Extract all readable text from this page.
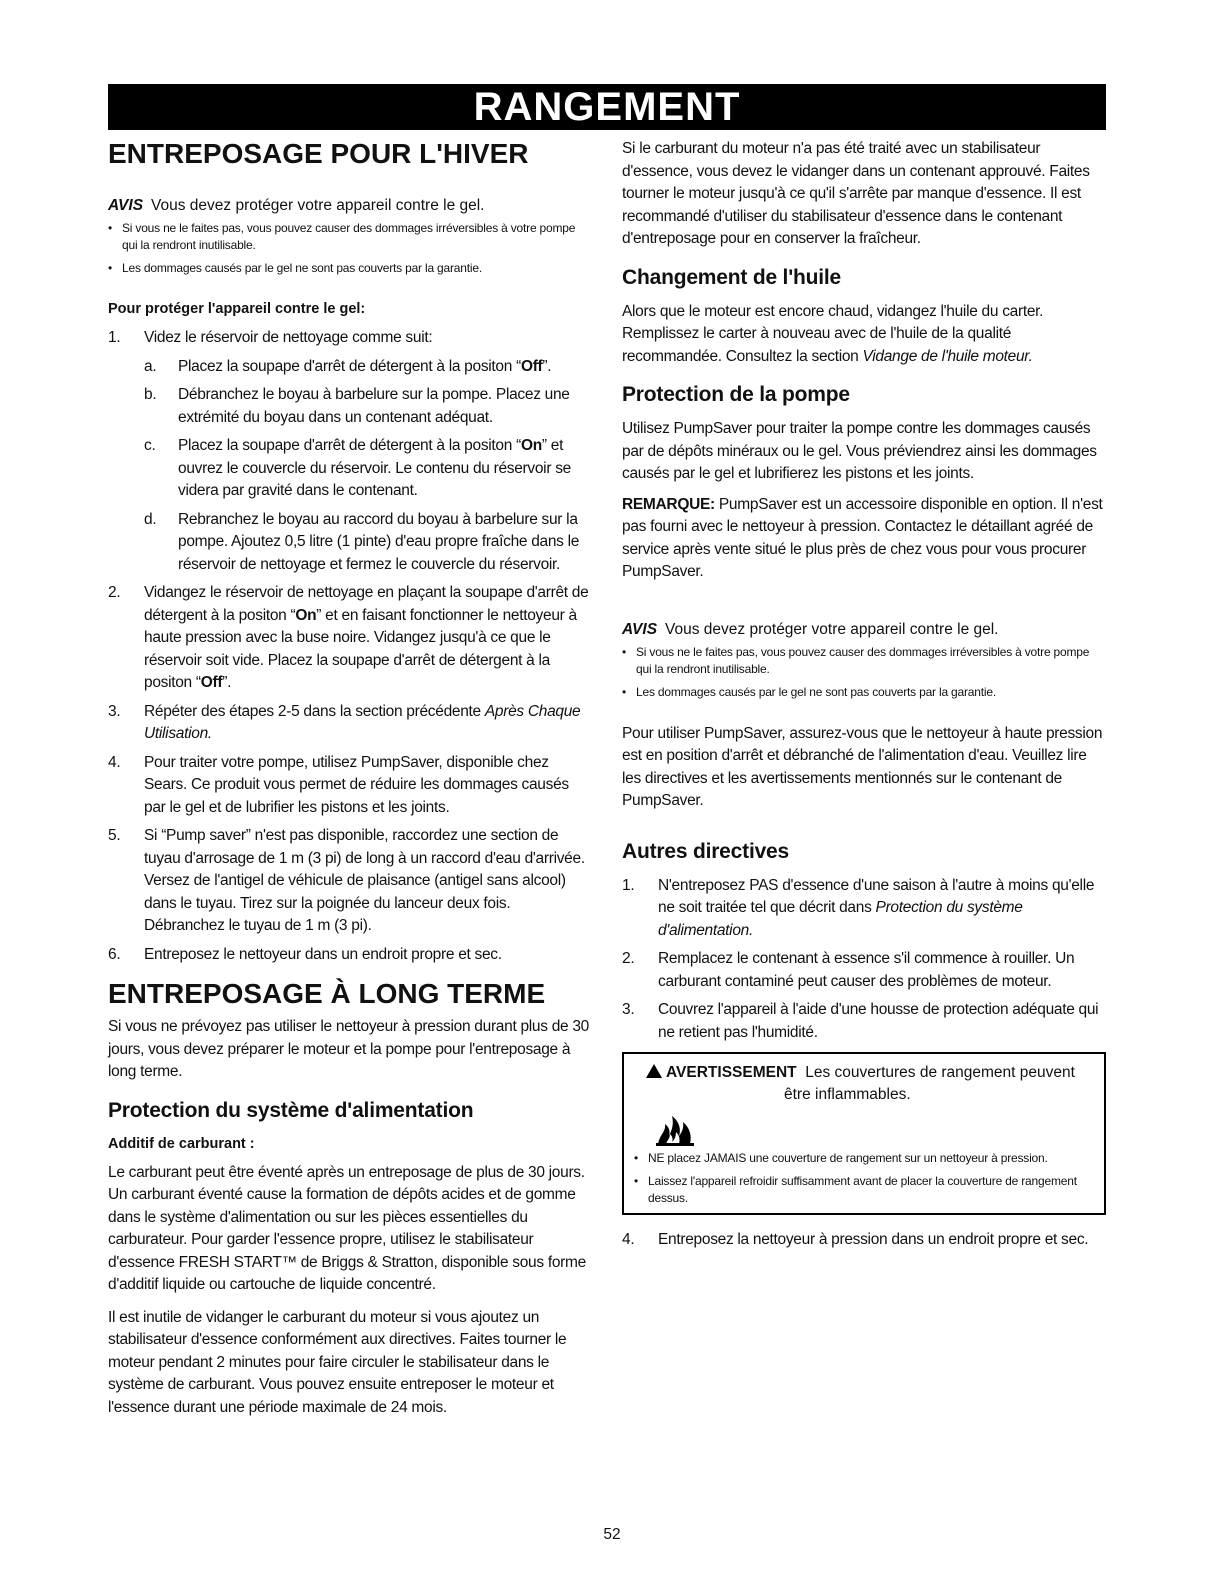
RANGEMENT
ENTREPOSAGE POUR L'HIVER
AVIS Vous devez protéger votre appareil contre le gel.
• Si vous ne le faites pas, vous pouvez causer des dommages irréversibles à votre pompe qui la rendront inutilisable.
• Les dommages causés par le gel ne sont pas couverts par la garantie.
Pour protéger l'appareil contre le gel:
1. Videz le réservoir de nettoyage comme suit:
a. Placez la soupape d'arrêt de détergent à la positon “Off”.
b. Débranchez le boyau à barbelure sur la pompe. Placez une extrémité du boyau dans un contenant adéquat.
c. Placez la soupape d'arrêt de détergent à la positon “On” et ouvrez le couvercle du réservoir. Le contenu du réservoir se videra par gravité dans le contenant.
d. Rebranchez le boyau au raccord du boyau à barbelure sur la pompe. Ajoutez 0,5 litre (1 pinte) d'eau propre fraîche dans le réservoir de nettoyage et fermez le couvercle du réservoir.
2. Vidangez le réservoir de nettoyage en plaçant la soupape d'arrêt de détergent à la positon “On” et en faisant fonctionner le nettoyeur à haute pression avec la buse noire. Vidangez jusqu'à ce que le réservoir soit vide. Placez la soupape d'arrêt de détergent à la positon “Off”.
3. Répéter des étapes 2-5 dans la section précédente Après Chaque Utilisation.
4. Pour traiter votre pompe, utilisez PumpSaver, disponible chez Sears. Ce produit vous permet de réduire les dommages causés par le gel et de lubrifier les pistons et les joints.
5. Si “Pump saver” n'est pas disponible, raccordez une section de tuyau d'arrosage de 1 m (3 pi) de long à un raccord d'eau d'arrivée. Versez de l'antigel de véhicule de plaisance (antigel sans alcool) dans le tuyau. Tirez sur la poignée du lanceur deux fois. Débranchez le tuyau de 1 m (3 pi).
6. Entreposez le nettoyeur dans un endroit propre et sec.
ENTREPOSAGE À LONG TERME

Si vous ne prévoyez pas utiliser le nettoyeur à pression durant plus de 30 jours, vous devez préparer le moteur et la pompe pour l'entreposage à long terme.

Protection du système d'alimentation
Additif de carburant :

Le carburant peut être éventé après un entreposage de plus de 30 jours. Un carburant éventé cause la formation de dépôts acides et de gomme dans le système d'alimentation ou sur les pièces essentielles du carburateur. Pour garder l'essence propre, utilisez le stabilisateur d'essence FRESH START™ de Briggs & Stratton, disponible sous forme d'additif liquide ou cartouche de liquide concentré.

Il est inutile de vidanger le carburant du moteur si vous ajoutez un stabilisateur d'essence conformément aux directives. Faites tourner le moteur pendant 2 minutes pour faire circuler le stabilisateur dans le système de carburant. Vous pouvez ensuite entreposer le moteur et l'essence durant une période maximale de 24 mois.

Si le carburant du moteur n'a pas été traité avec un stabilisateur d'essence, vous devez le vidanger dans un contenant approuvé. Faites tourner le moteur jusqu'à ce qu'il s'arrête par manque d'essence. Il est recommandé d'utiliser du stabilisateur d'essence dans le contenant d'entreposage pour en conserver la fraîcheur.

Changement de l'huile

Alors que le moteur est encore chaud, vidangez l'huile du carter. Remplissez le carter à nouveau avec de l'huile de la qualité recommandée. Consultez la section Vidange de l'huile moteur.

Protection de la pompe

Utilisez PumpSaver pour traiter la pompe contre les dommages causés par de dépôts minéraux ou le gel. Vous préviendrez ainsi les dommages causés par le gel et lubrifierez les pistons et les joints.

REMARQUE: PumpSaver est un accessoire disponible en option. Il n'est pas fourni avec le nettoyeur à pression. Contactez le détaillant agréé de service après vente situé le plus près de chez vous pour vous procurer PumpSaver.

AVIS Vous devez protéger votre appareil contre le gel.
• Si vous ne le faites pas, vous pouvez causer des dommages irréversibles à votre pompe qui la rendront inutilisable.
• Les dommages causés par le gel ne sont pas couverts par la garantie.

Pour utiliser PumpSaver, assurez-vous que le nettoyeur à haute pression est en position d'arrêt et débranché de l'alimentation d'eau. Veuillez lire les directives et les avertissements mentionnés sur le contenant de PumpSaver.

Autres directives
1. N'entreposez PAS d'essence d'une saison à l'autre à moins qu'elle ne soit traitée tel que décrit dans Protection du système d'alimentation.
2. Remplacez le contenant à essence s'il commence à rouiller. Un carburant contaminé peut causer des problèmes de moteur.
3. Couvrez l'appareil à l'aide d'une housse de protection adéquate qui ne retient pas l'humidité.
AVERTISSEMENT Les couvertures de rangement peuvent être inflammables.
• NE placez JAMAIS une couverture de rangement sur un nettoyeur à pression.
• Laissez l'appareil refroidir suffisamment avant de placer la couverture de rangement dessus.
4. Entreposez la nettoyeur à pression dans un endroit propre et sec.
52
